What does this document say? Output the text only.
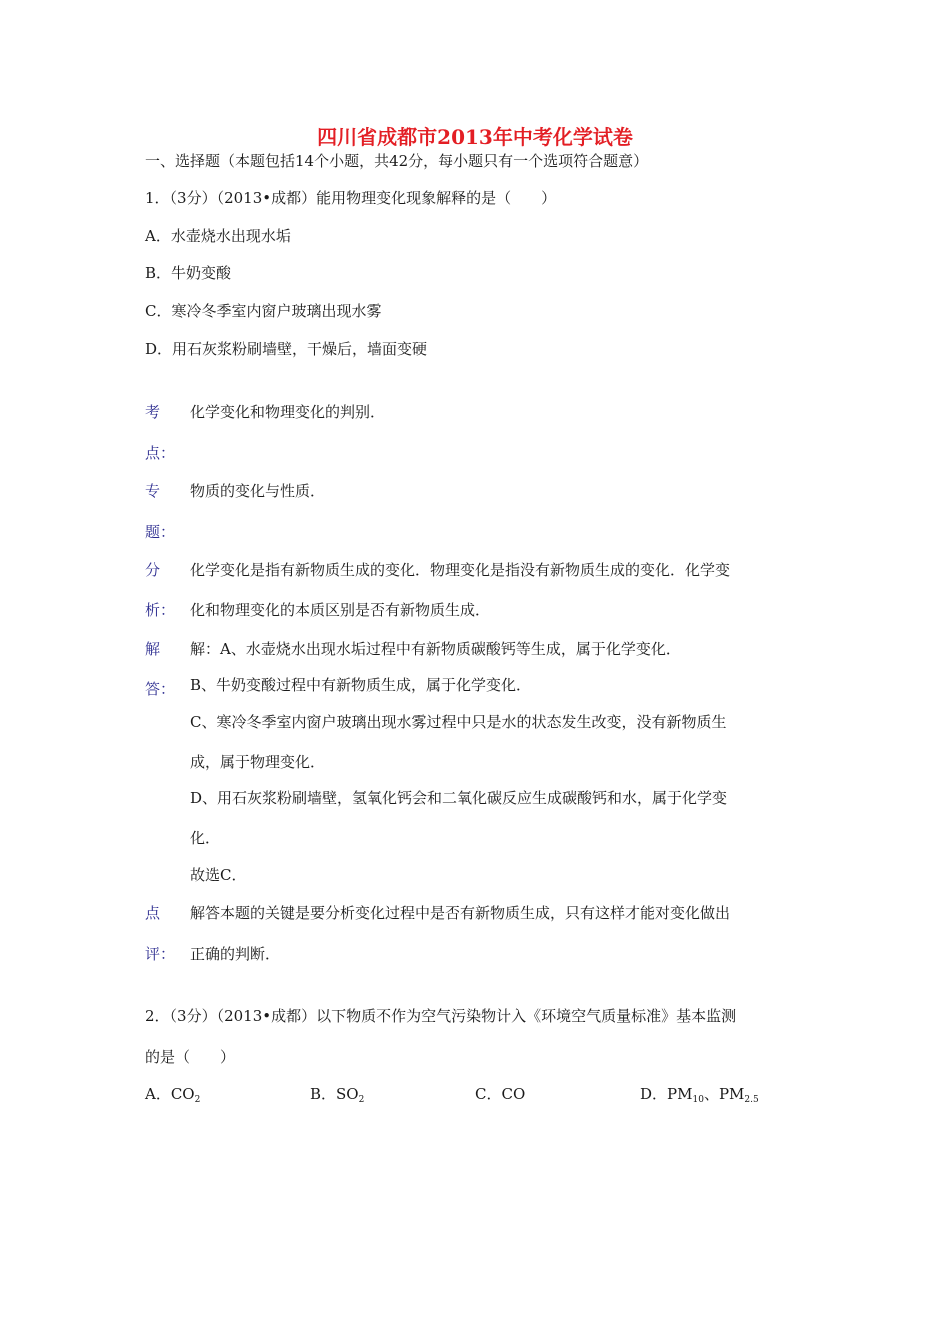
四川省成都市2013年中考化学试卷
一、选择题（本题包括14个小题，共42分，每小题只有一个选项符合题意）
1．（3分）（2013•成都）能用物理变化现象解释的是（　　）
A．水壶烧水出现水垢
B．牛奶变酸
C．寒冷冬季室内窗户玻璃出现水雾
D．用石灰浆粉刷墙壁，干燥后，墙面变硬
考
点：
化学变化和物理变化的判别．
专
题：
物质的变化与性质．
分
析：
化学变化是指有新物质生成的变化．物理变化是指没有新物质生成的变化．化学变
化和物理变化的本质区别是否有新物质生成．
解
答：
解：A、水壶烧水出现水垢过程中有新物质碳酸钙等生成，属于化学变化．
B、牛奶变酸过程中有新物质生成，属于化学变化．
C、寒冷冬季室内窗户玻璃出现水雾过程中只是水的状态发生改变，没有新物质生
成，属于物理变化．
D、用石灰浆粉刷墙壁，氢氧化钙会和二氧化碳反应生成碳酸钙和水，属于化学变
化．
故选C．
点
评：
解答本题的关键是要分析变化过程中是否有新物质生成，只有这样才能对变化做出
正确的判断．
2．（3分）（2013•成都）以下物质不作为空气污染物计入《环境空气质量标准》基本监测
的是（　　）
A．$CO_2$	B．$SO_2$	C．CO	D．$PM_{10}$、$PM_{2.5}$
